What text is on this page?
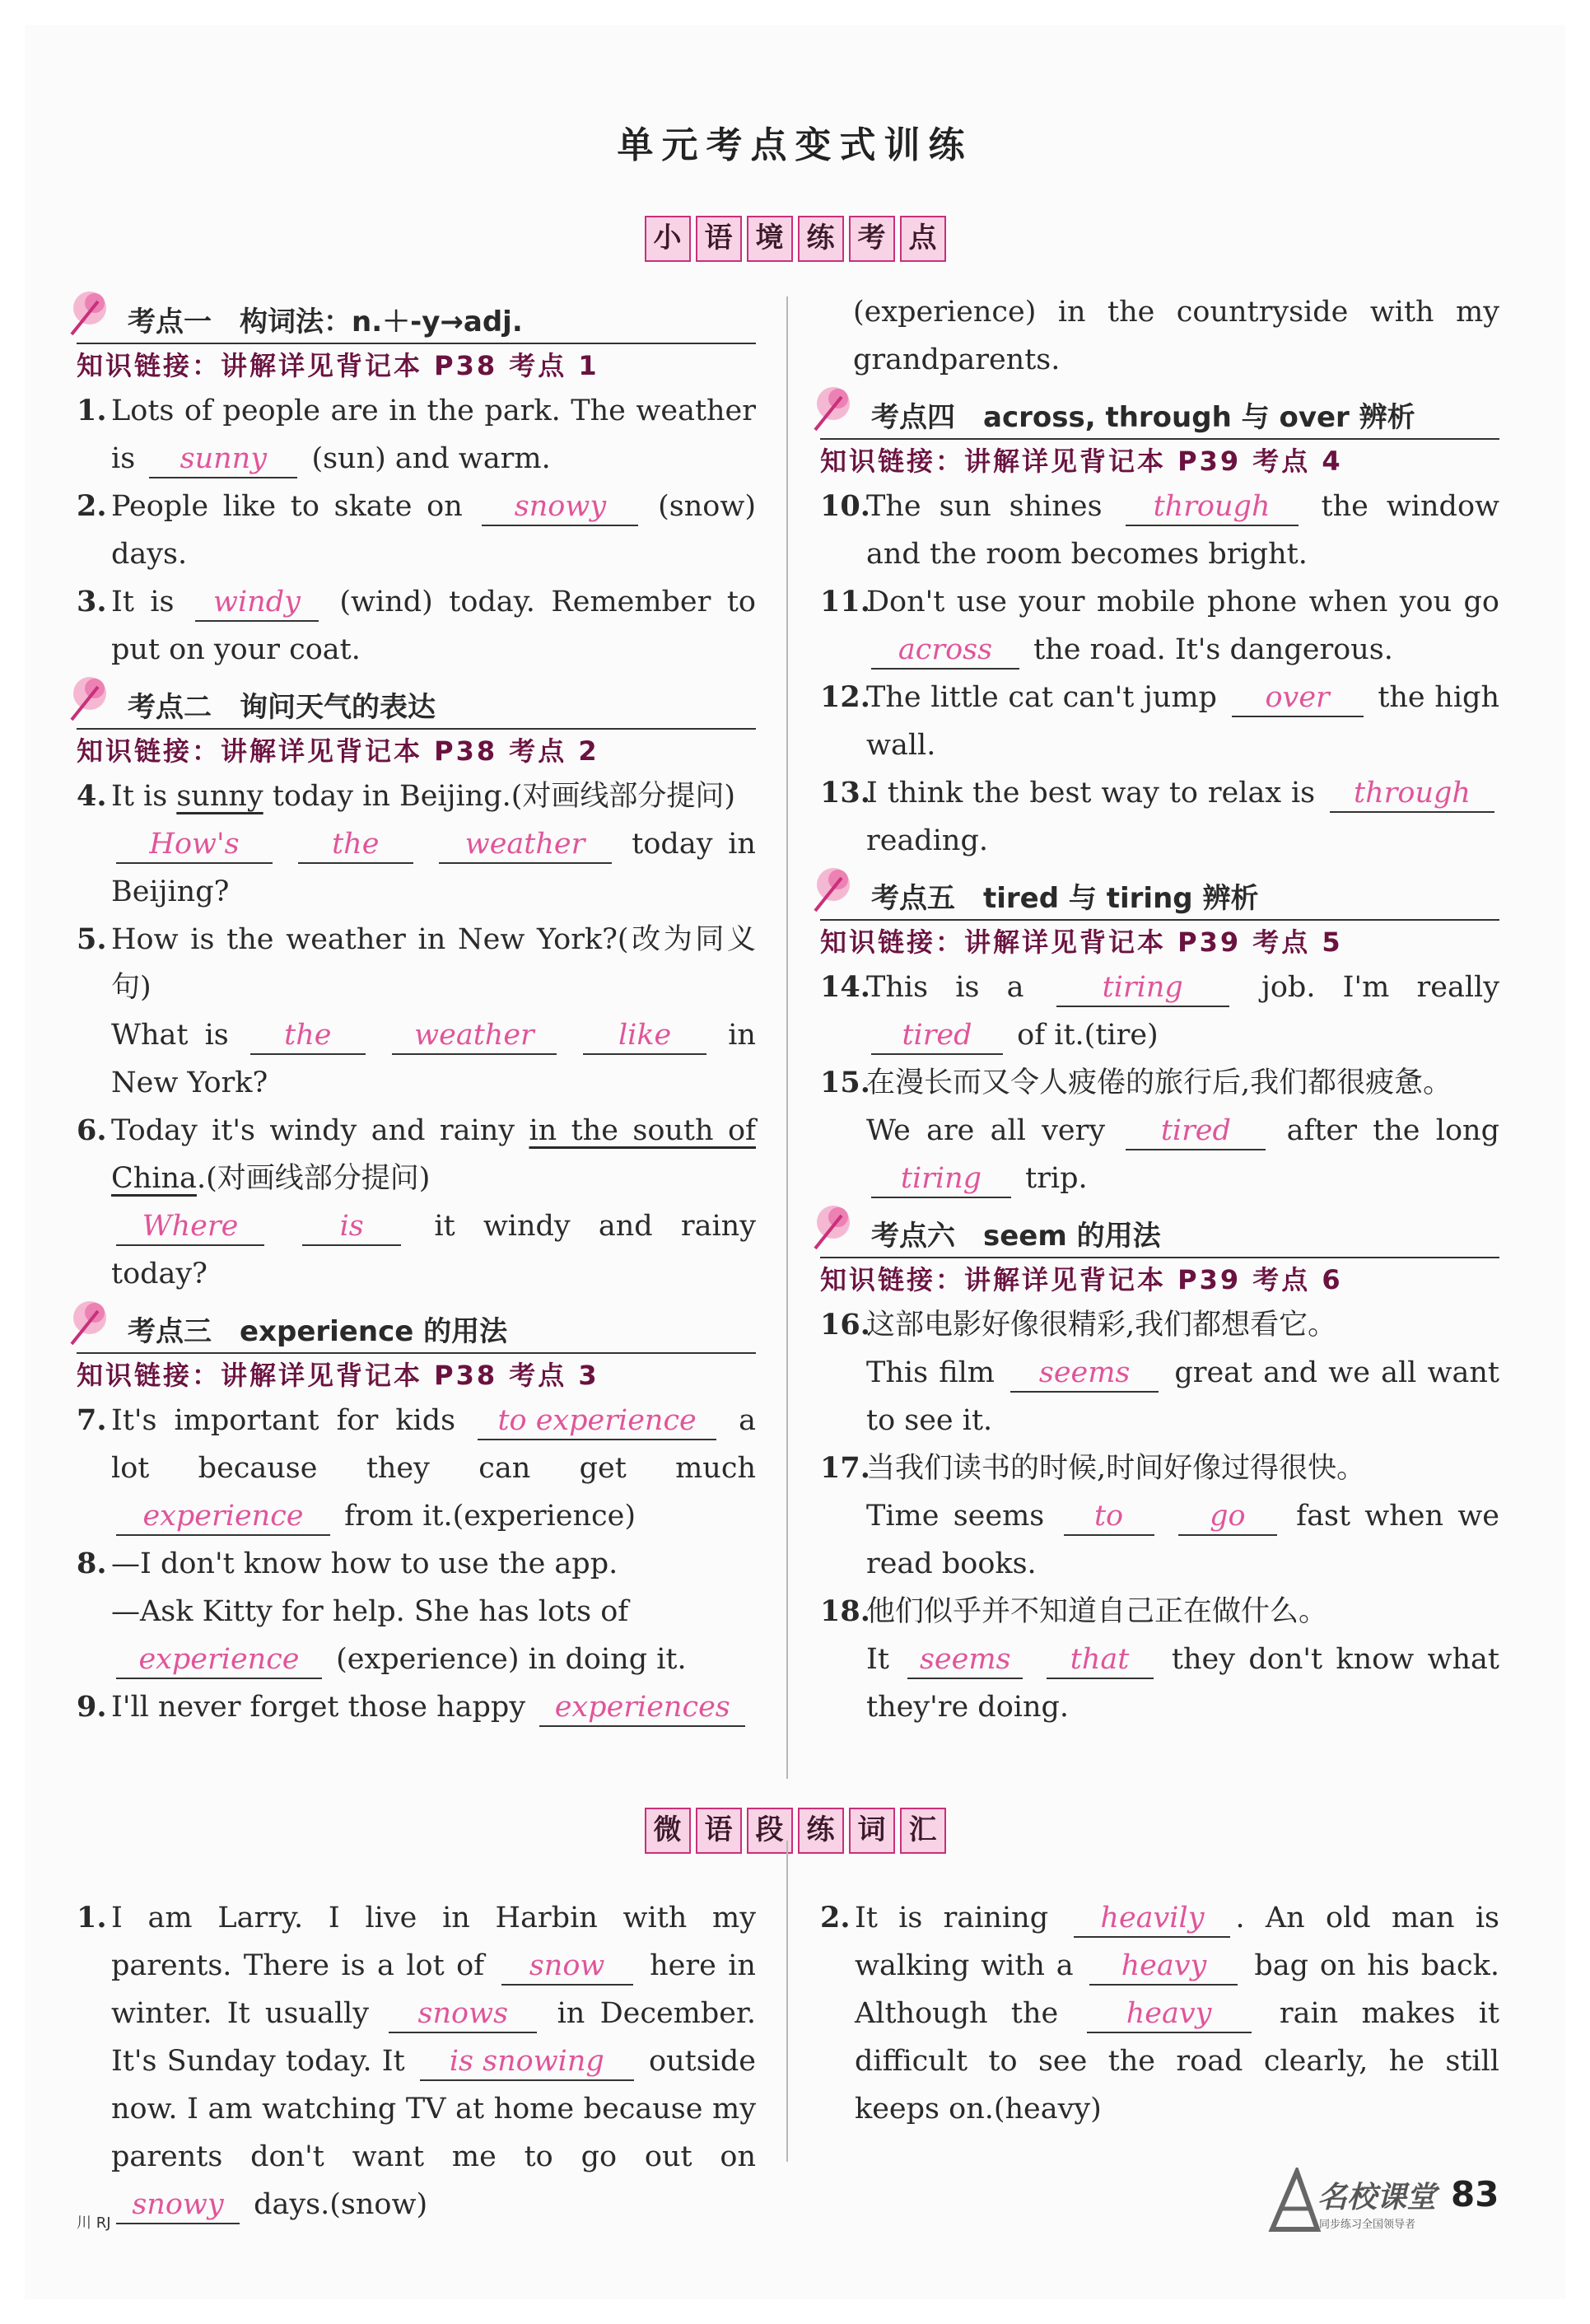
单元考点变式训练
小 语 境 练 考 点
考点一　构词法：n.＋-y→adj.
知识链接：讲解详见背记本 P38 考点 1
1. Lots of people are in the park. The weather is sunny (sun) and warm.
2. People like to skate on snowy (snow) days.
3. It is windy (wind) today. Remember to put on your coat.
考点二　询问天气的表达
知识链接：讲解详见背记本 P38 考点 2
4. It is sunny today in Beijing.(对画线部分提问)
How's	the	weather today in Beijing?
5. How is the weather in New York?(改为同义句)
What is the	weather	like in New York?
6. Today it's windy and rainy in the south of China.(对画线部分提问)
Where	is it windy and rainy today?
考点三　experience 的用法
知识链接：讲解详见背记本 P38 考点 3
7. It's important for kids to experience a lot because they can get much experience from it.(experience)
8. —I don't know how to use the app.
—Ask Kitty for help. She has lots of
experience (experience) in doing it.
9. I'll never forget those happy experiences
(experience) in the countryside with my grandparents.
考点四　across, through 与 over 辨析
知识链接：讲解详见背记本 P39 考点 4
10.
The sun shines through the window and the room becomes bright.
11.
Don't use your mobile phone when you go across the road. It's dangerous.
12.
The little cat can't jump over the high wall.
13.
I think the best way to relax is through reading.
考点五　tired 与 tiring 辨析
知识链接：讲解详见背记本 P39 考点 5
14.
This is a	tiring	job. I'm really tired of it.(tire)
15.
在漫长而又令人疲倦的旅行后,我们都很疲惫。
We are all very tired after the long tiring trip.
考点六　seem 的用法
知识链接：讲解详见背记本 P39 考点 6
16.
这部电影好像很精彩,我们都想看它。
This film seems great and we all want to see it.
17.
当我们读书的时候,时间好像过得很快。
Time seems to	go fast when we read books.
18.
他们似乎并不知道自己正在做什么。
It seems that they don't know what they're doing.
微 语 段 练 词 汇
1. I am Larry. I live in Harbin with my parents. There is a lot of snow here in winter. It usually snows in December. It's Sunday today. It is snowing outside now. I am watching TV at home because my parents don't want me to go out on snowy days.(snow)
2. It is raining heavily . An old man is walking with a heavy bag on his back. Although the heavy rain makes it difficult to see the road clearly, he still keeps on.(heavy)
川 RJ
名校课堂
同步练习全国领导者
83
